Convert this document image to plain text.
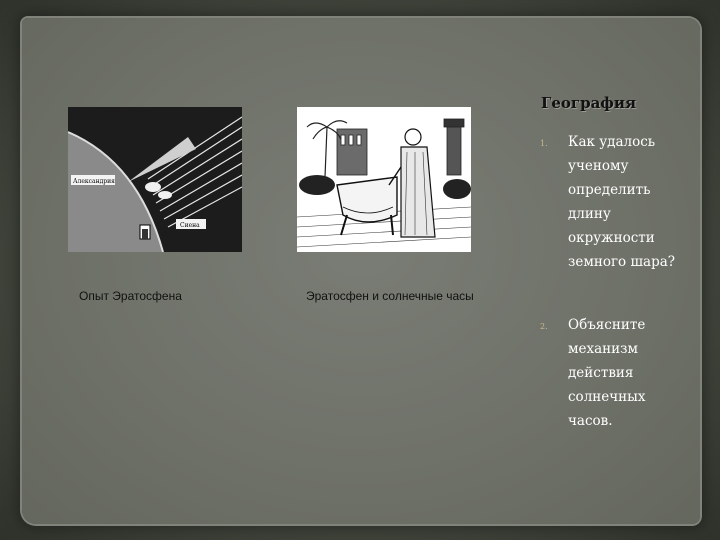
Александрия
Сиена
Опыт Эратосфена	Эратосфен и солнечные часы
География
1. Как удалось ученому определить длину окружности земного шара?
2. Объясните механизм действия солнечных часов.
